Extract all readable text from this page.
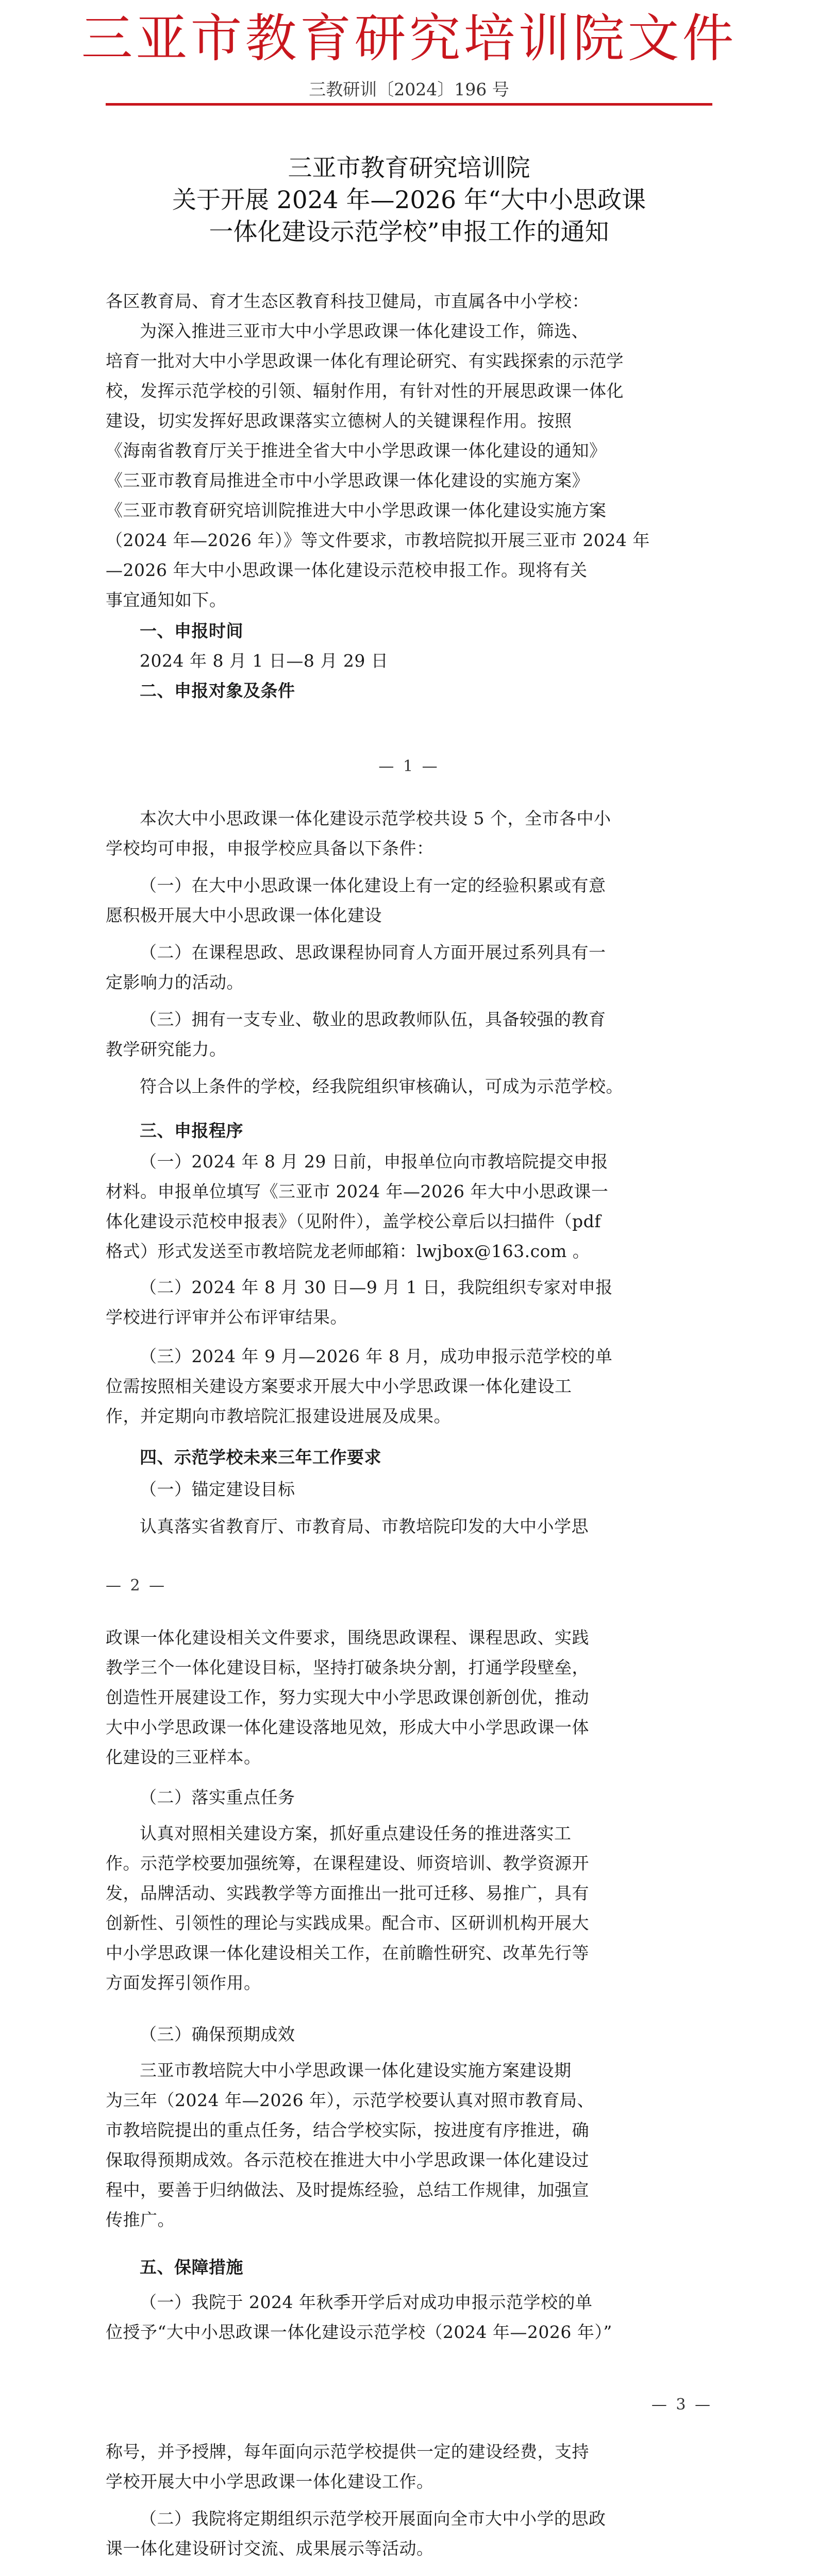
三亚市教育研究培训院文件
三教研训〔2024〕196 号
三亚市教育研究培训院
关于开展 2024 年—2026 年“大中小思政课
一体化建设示范学校”申报工作的通知
各区教育局、育才生态区教育科技卫健局，市直属各中小学校：

为深入推进三亚市大中小学思政课一体化建设工作，筛选、

培育一批对大中小学思政课一体化有理论研究、有实践探索的示范学

校，发挥示范学校的引领、辐射作用，有针对性的开展思政课一体化

建设，切实发挥好思政课落实立德树人的关键课程作用。按照

《海南省教育厅关于推进全省大中小学思政课一体化建设的通知》

《三亚市教育局推进全市中小学思政课一体化建设的实施方案》

《三亚市教育研究培训院推进大中小学思政课一体化建设实施方案

（2024 年—2026 年）》等文件要求，市教培院拟开展三亚市 2024 年

—2026 年大中小思政课一体化建设示范校申报工作。现将有关

事宜通知如下。

一、申报时间
2024 年 8 月 1 日—8 月 29 日
二、申报对象及条件
— 1 —

本次大中小思政课一体化建设示范学校共设 5 个，全市各中小

学校均可申报，申报学校应具备以下条件：

（一）在大中小思政课一体化建设上有一定的经验积累或有意

愿积极开展大中小思政课一体化建设

（二）在课程思政、思政课程协同育人方面开展过系列具有一

定影响力的活动。

（三）拥有一支专业、敬业的思政教师队伍，具备较强的教育

教学研究能力。

符合以上条件的学校，经我院组织审核确认，可成为示范学校。
三、申报程序

（一）2024 年 8 月 29 日前，申报单位向市教培院提交申报

材料。申报单位填写《三亚市 2024 年—2026 年大中小思政课一

体化建设示范校申报表》（见附件），盖学校公章后以扫描件（pdf

格式）形式发送至市教培院龙老师邮箱：lwjbox@163.com 。

（二）2024 年 8 月 30 日—9 月 1 日，我院组织专家对申报

学校进行评审并公布评审结果。

（三）2024 年 9 月—2026 年 8 月，成功申报示范学校的单

位需按照相关建设方案要求开展大中小学思政课一体化建设工

作，并定期向市教培院汇报建设进展及成果。

四、示范学校未来三年工作要求
（一）锚定建设目标
认真落实省教育厅、市教育局、市教培院印发的大中小学思
— 2 —

政课一体化建设相关文件要求，围绕思政课程、课程思政、实践

教学三个一体化建设目标，坚持打破条块分割，打通学段壁垒，

创造性开展建设工作，努力实现大中小学思政课创新创优，推动

大中小学思政课一体化建设落地见效，形成大中小学思政课一体

化建设的三亚样本。

（二）落实重点任务

认真对照相关建设方案，抓好重点建设任务的推进落实工

作。示范学校要加强统筹，在课程建设、师资培训、教学资源开

发，品牌活动、实践教学等方面推出一批可迁移、易推广，具有

创新性、引领性的理论与实践成果。配合市、区研训机构开展大

中小学思政课一体化建设相关工作，在前瞻性研究、改革先行等

方面发挥引领作用。

（三）确保预期成效

三亚市教培院大中小学思政课一体化建设实施方案建设期

为三年（2024 年—2026 年），示范学校要认真对照市教育局、

市教培院提出的重点任务，结合学校实际，按进度有序推进，确

保取得预期成效。各示范校在推进大中小学思政课一体化建设过

程中，要善于归纳做法、及时提炼经验，总结工作规律，加强宣

传推广。

五、保障措施

（一）我院于 2024 年秋季开学后对成功申报示范学校的单

位授予“大中小思政课一体化建设示范学校（2024 年—2026 年）”

— 3 —

称号，并予授牌，每年面向示范学校提供一定的建设经费，支持

学校开展大中小学思政课一体化建设工作。

（二）我院将定期组织示范学校开展面向全市大中小学的思政

课一体化建设研讨交流、成果展示等活动。
